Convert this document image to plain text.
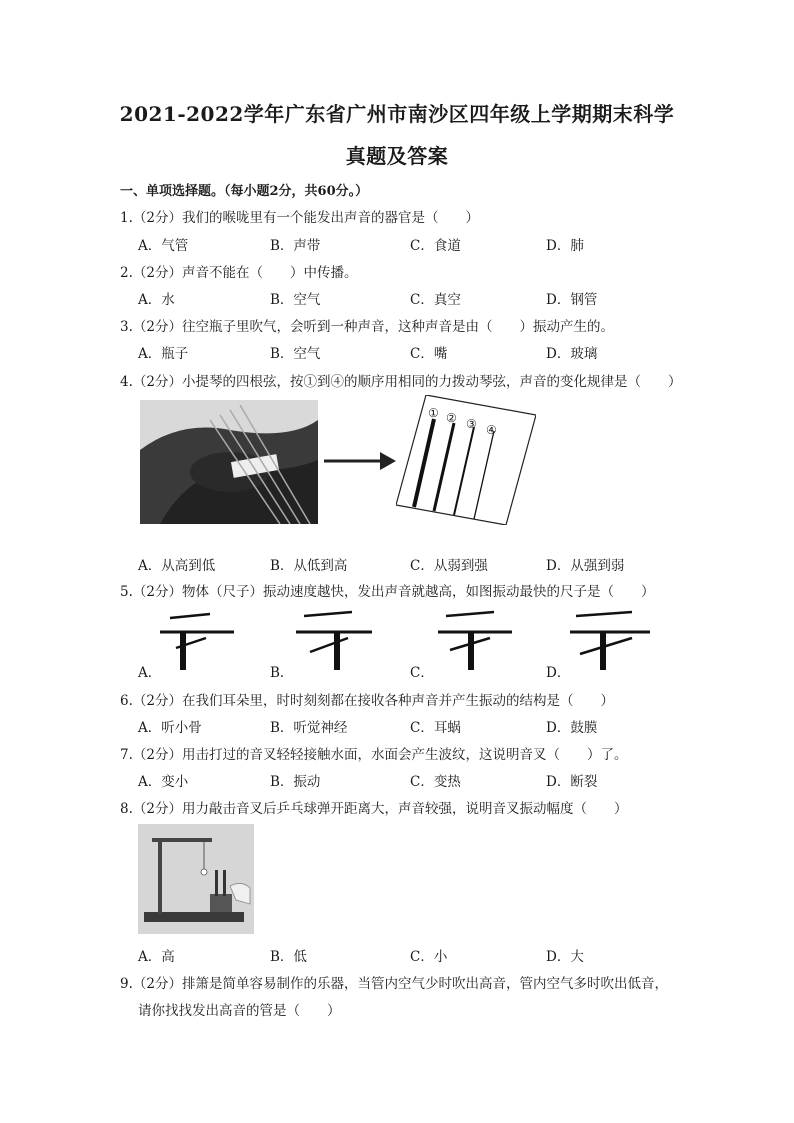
2021-2022学年广东省广州市南沙区四年级上学期期末科学
真题及答案
一、单项选择题。（每小题2分，共60分。）
1.（2分）我们的喉咙里有一个能发出声音的器官是（　　）
A．气管	B．声带	C．食道	D．肺
2.（2分）声音不能在（　　）中传播。
A．水	B．空气	C．真空	D．钢管
3.（2分）往空瓶子里吹气，会听到一种声音，这种声音是由（　　）振动产生的。
A．瓶子	B．空气	C．嘴	D．玻璃
4.（2分）小提琴的四根弦，按①到④的顺序用相同的力拨动琴弦，声音的变化规律是（　　）
① ② ③ ④
A．从高到低	B．从低到高	C．从弱到强	D．从强到弱
5.（2分）物体（尺子）振动速度越快，发出声音就越高，如图振动最快的尺子是（　　）
A．	B．	C．	D．
6.（2分）在我们耳朵里，时时刻刻都在接收各种声音并产生振动的结构是（　　）
A．听小骨	B．听觉神经	C．耳蜗	D．鼓膜
7.（2分）用击打过的音叉轻轻接触水面，水面会产生波纹，这说明音叉（　　）了。
A．变小	B．振动	C．变热	D．断裂
8.（2分）用力敲击音叉后乒乓球弹开距离大，声音较强，说明音叉振动幅度（　　）
A．高	B．低	C．小	D．大
9.（2分）排箫是简单容易制作的乐器，当管内空气少时吹出高音，管内空气多时吹出低音，
请你找找发出高音的管是（　　）
